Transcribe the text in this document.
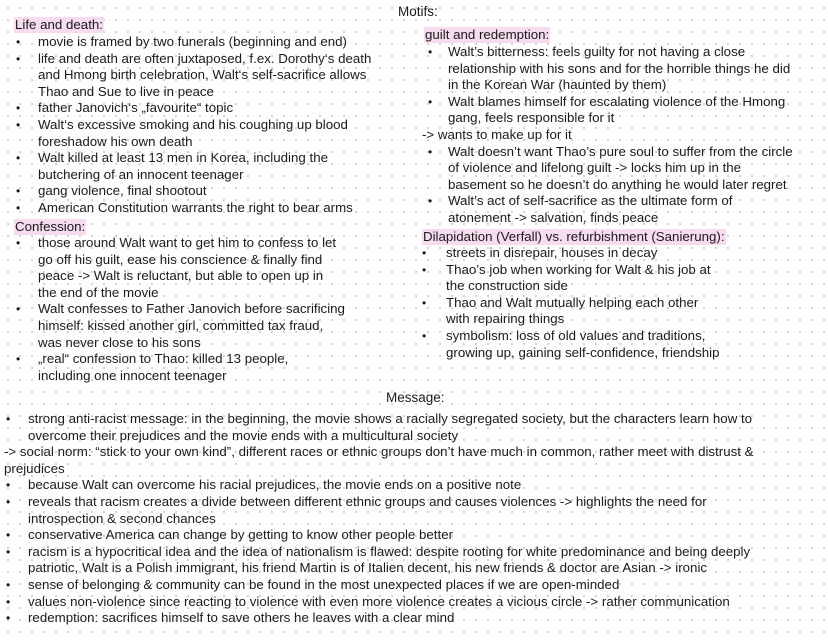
Motifs:
Life and death:
guilt and redemption:
Confession:
Dilapidation (Verfall) vs. refurbishment (Sanierung):
Message:
• movie is framed by two funerals (beginning and end)
• life and death are often juxtaposed, f.ex. Dorothy‘s death
and Hmong birth celebration, Walt‘s self-sacrifice allows
Thao and Sue to live in peace
• father Janovich‘s „favourite“ topic
• Walt‘s excessive smoking and his coughing up blood
foreshadow his own death
• Walt killed at least 13 men in Korea, including the
butchering of an innocent teenager
• gang violence, final shootout
• American Constitution warrants the right to bear arms
• those around Walt want to get him to confess to let
go off his guilt, ease his conscience & finally find
peace -> Walt is reluctant, but able to open up in
the end of the movie
• Walt confesses to Father Janovich before sacrificing
himself: kissed another girl, committed tax fraud,
was never close to his sons
• „real“ confession to Thao: killed 13 people,
including one innocent teenager
• Walt’s bitterness: feels guilty for not having a close
relationship with his sons and for the horrible things he did
in the Korean War (haunted by them)
• Walt blames himself for escalating violence of the Hmong
gang, feels responsible for it
-> wants to make up for it
• Walt doesn’t want Thao’s pure soul to suffer from the circle
of violence and lifelong guilt -> locks him up in the
basement so he doesn’t do anything he would later regret
• Walt’s act of self-sacrifice as the ultimate form of
atonement -> salvation, finds peace
• streets in disrepair, houses in decay
• Thao’s job when working for Walt & his job at
the construction side
• Thao and Walt mutually helping each other
with repairing things
• symbolism: loss of old values and traditions,
growing up, gaining self-confidence, friendship
• strong anti-racist message: in the beginning, the movie shows a racially segregated society, but the characters learn how to
overcome their prejudices and the movie ends with a multicultural society
-> social norm: “stick to your own kind”, different races or ethnic groups don’t have much in common, rather meet with distrust &
prejudices
• because Walt can overcome his racial prejudices, the movie ends on a positive note
• reveals that racism creates a divide between different ethnic groups and causes violences -> highlights the need for
introspection & second chances
• conservative America can change by getting to know other people better
• racism is a hypocritical idea and the idea of nationalism is flawed: despite rooting for white predominance and being deeply
patriotic, Walt is a Polish immigrant, his friend Martin is of Italien decent, his new friends & doctor are Asian -> ironic
• sense of belonging & community can be found in the most unexpected places if we are open-minded
• values non-violence since reacting to violence with even more violence creates a vicious circle -> rather communication
• redemption: sacrifices himself to save others he leaves with a clear mind
